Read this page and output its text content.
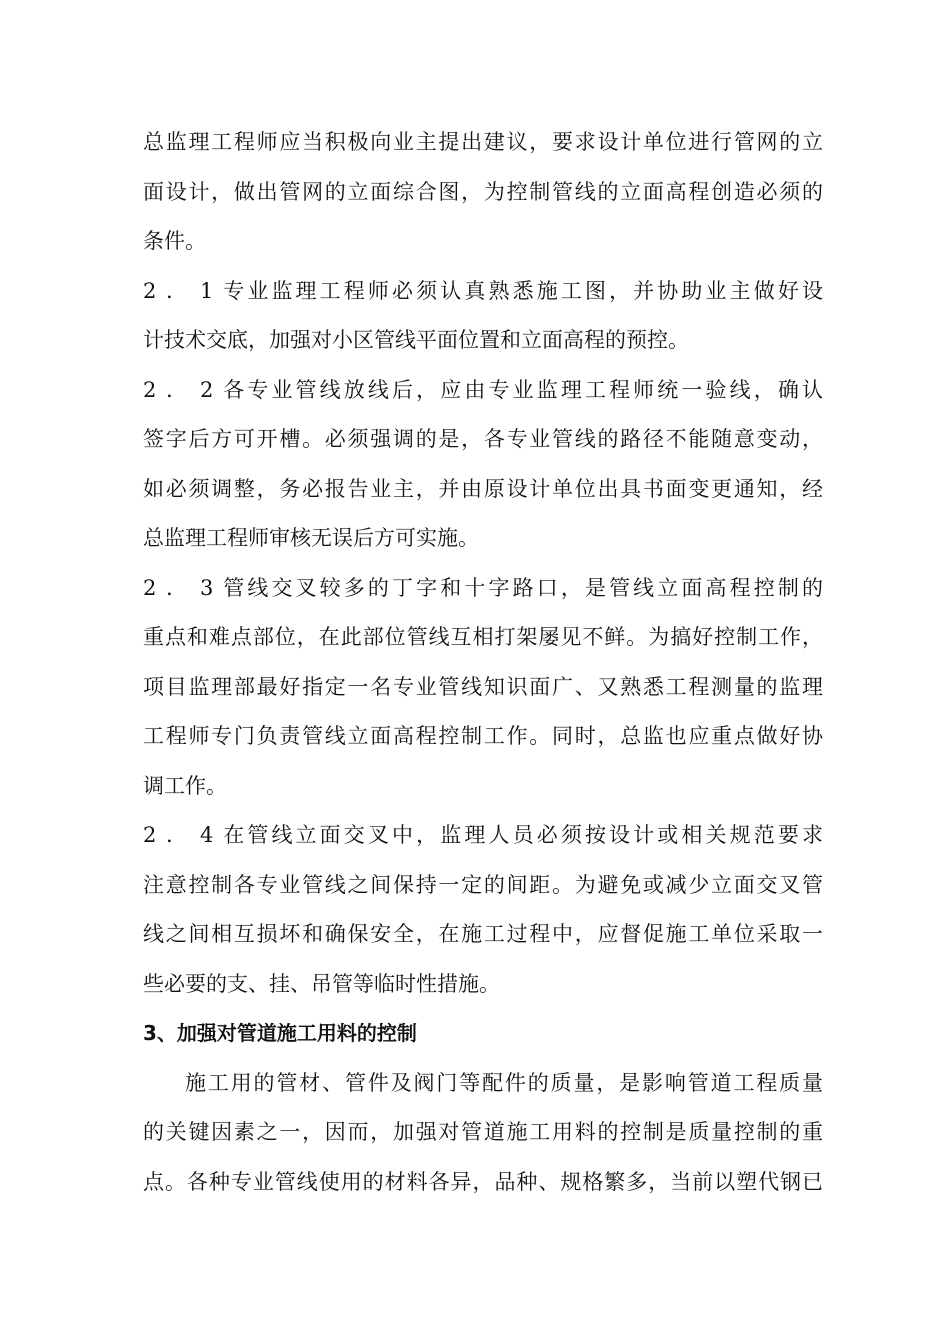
总监理工程师应当积极向业主提出建议，要求设计单位进行管网的立
面设计，做出管网的立面综合图，为控制管线的立面高程创造必须的
条件。
2 ． 1 专业监理工程师必须认真熟悉施工图，并协助业主做好设
计技术交底，加强对小区管线平面位置和立面高程的预控。
2 ． 2 各专业管线放线后，应由专业监理工程师统一验线，确认
签字后方可开槽。必须强调的是，各专业管线的路径不能随意变动，
如必须调整，务必报告业主，并由原设计单位出具书面变更通知，经
总监理工程师审核无误后方可实施。
2 ． 3 管线交叉较多的丁字和十字路口，是管线立面高程控制的
重点和难点部位，在此部位管线互相打架屡见不鲜。为搞好控制工作，
项目监理部最好指定一名专业管线知识面广、又熟悉工程测量的监理
工程师专门负责管线立面高程控制工作。同时，总监也应重点做好协
调工作。
2 ． 4 在管线立面交叉中，监理人员必须按设计或相关规范要求
注意控制各专业管线之间保持一定的间距。为避免或减少立面交叉管
线之间相互损坏和确保安全，在施工过程中，应督促施工单位采取一
些必要的支、挂、吊管等临时性措施。
3、加强对管道施工用料的控制
施工用的管材、管件及阀门等配件的质量，是影响管道工程质量
的关键因素之一，因而，加强对管道施工用料的控制是质量控制的重
点。各种专业管线使用的材料各异，品种、规格繁多，当前以塑代钢已
